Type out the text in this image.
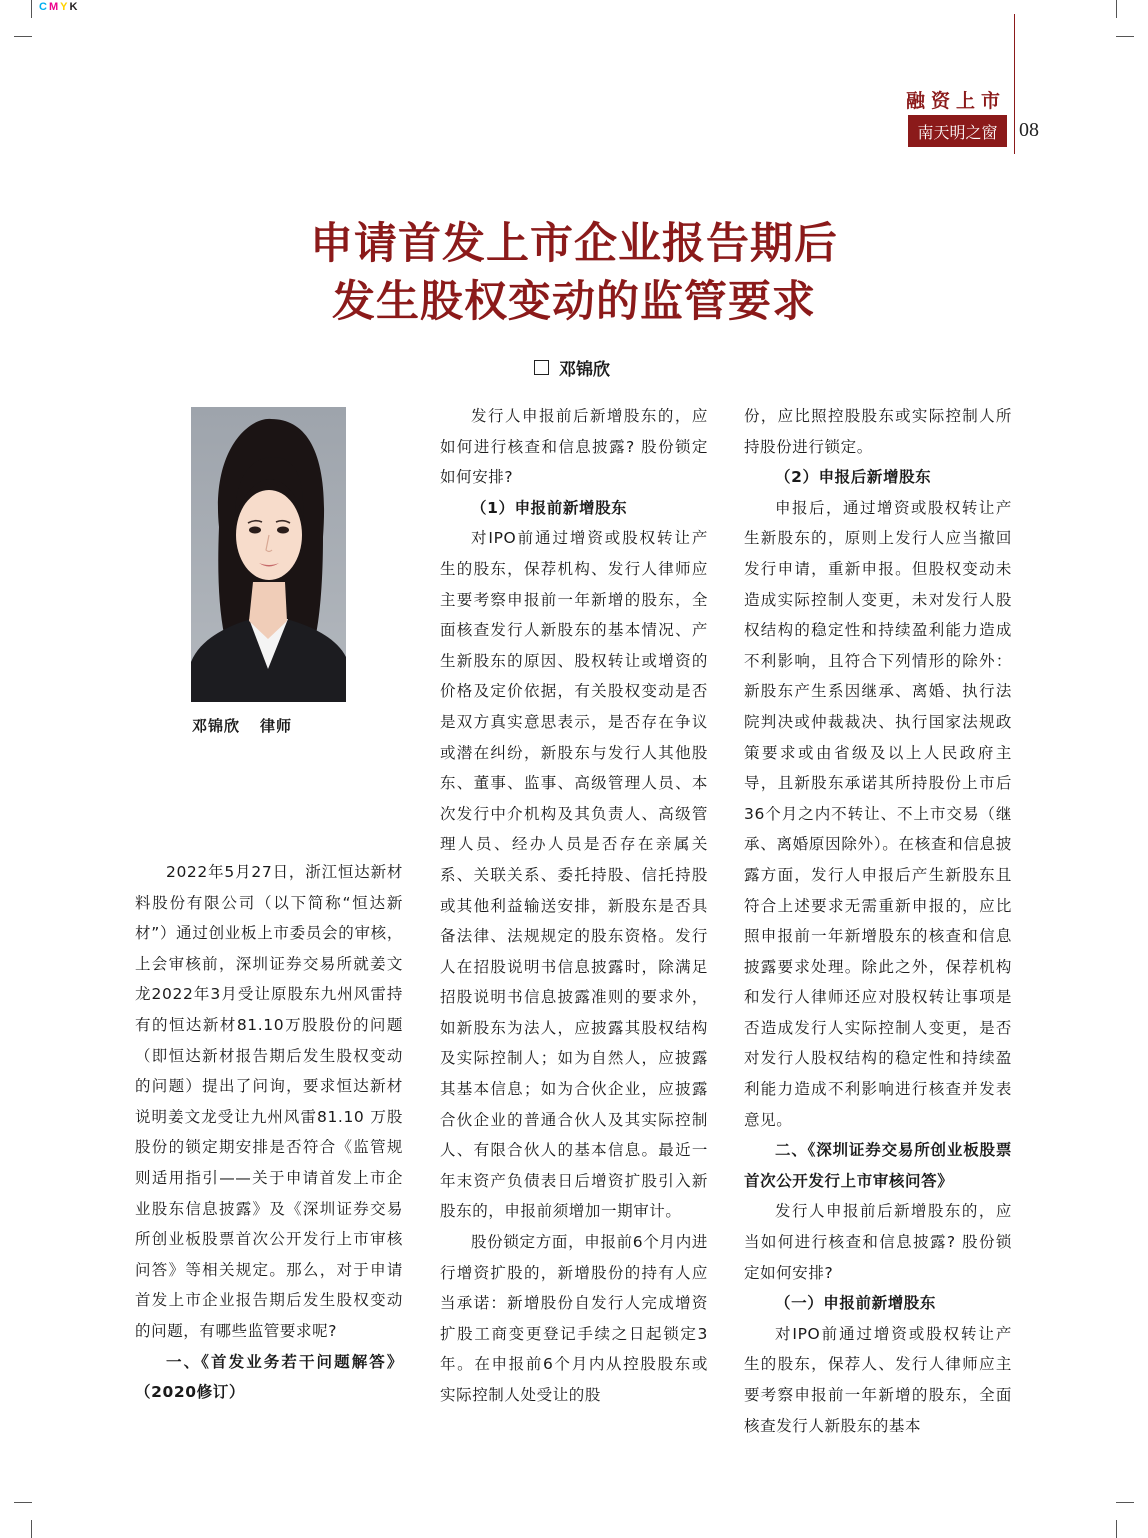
CMYK
融资上市
南天明之窗	08
申请首发上市企业报告期后
发生股权变动的监管要求
邓锦欣
邓锦欣 律师

2022年5月27日，浙江恒达新材料股份有限公司（以下简称“恒达新材”）通过创业板上市委员会的审核，上会审核前，深圳证券交易所就姜文龙2022年3月受让原股东九州风雷持有的恒达新材81.10万股股份的问题（即恒达新材报告期后发生股权变动的问题）提出了问询，要求恒达新材说明姜文龙受让九州风雷81.10 万股股份的锁定期安排是否符合《监管规则适用指引——关于申请首发上市企业股东信息披露》及《深圳证券交易所创业板股票首次公开发行上市审核问答》等相关规定。那么，对于申请首发上市企业报告期后发生股权变动的问题，有哪些监管要求呢?

一、《首发业务若干问题解答》（2020修订）

发行人申报前后新增股东的，应如何进行核查和信息披露? 股份锁定如何安排?

（1）申报前新增股东

对IPO前通过增资或股权转让产生的股东，保荐机构、发行人律师应主要考察申报前一年新增的股东，全面核查发行人新股东的基本情况、产生新股东的原因、股权转让或增资的价格及定价依据，有关股权变动是否是双方真实意思表示，是否存在争议或潜在纠纷，新股东与发行人其他股东、董事、监事、高级管理人员、本次发行中介机构及其负责人、高级管理人员、经办人员是否存在亲属关系、关联关系、委托持股、信托持股或其他利益输送安排，新股东是否具备法律、法规规定的股东资格。发行人在招股说明书信息披露时，除满足招股说明书信息披露准则的要求外，如新股东为法人，应披露其股权结构及实际控制人；如为自然人，应披露其基本信息；如为合伙企业，应披露合伙企业的普通合伙人及其实际控制人、有限合伙人的基本信息。最近一年末资产负债表日后增资扩股引入新股东的，申报前须增加一期审计。

股份锁定方面，申报前6个月内进行增资扩股的，新增股份的持有人应当承诺：新增股份自发行人完成增资扩股工商变更登记手续之日起锁定3年。在申报前6个月内从控股股东或实际控制人处受让的股

份，应比照控股股东或实际控制人所持股份进行锁定。

（2）申报后新增股东

申报后，通过增资或股权转让产生新股东的，原则上发行人应当撤回发行申请，重新申报。但股权变动未造成实际控制人变更，未对发行人股权结构的稳定性和持续盈利能力造成不利影响，且符合下列情形的除外：新股东产生系因继承、离婚、执行法院判决或仲裁裁决、执行国家法规政策要求或由省级及以上人民政府主导，且新股东承诺其所持股份上市后36个月之内不转让、不上市交易（继承、离婚原因除外）。在核查和信息披露方面，发行人申报后产生新股东且符合上述要求无需重新申报的，应比照申报前一年新增股东的核查和信息披露要求处理。除此之外，保荐机构和发行人律师还应对股权转让事项是否造成发行人实际控制人变更，是否对发行人股权结构的稳定性和持续盈利能力造成不利影响进行核查并发表意见。

二、《深圳证券交易所创业板股票首次公开发行上市审核问答》

发行人申报前后新增股东的，应当如何进行核查和信息披露? 股份锁定如何安排?

（一）申报前新增股东

对IPO前通过增资或股权转让产生的股东，保荐人、发行人律师应主要考察申报前一年新增的股东，全面核查发行人新股东的基本
